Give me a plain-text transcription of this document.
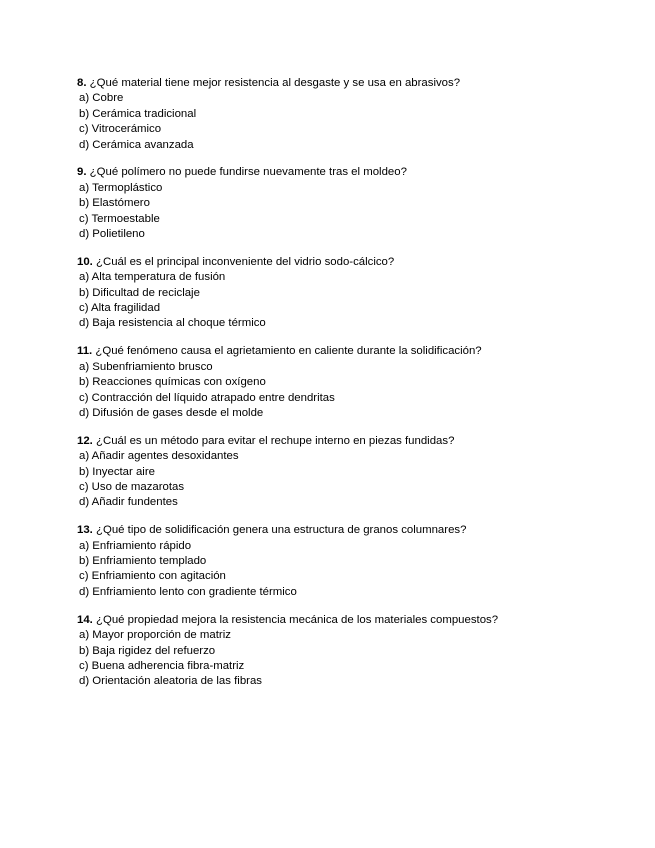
8. ¿Qué material tiene mejor resistencia al desgaste y se usa en abrasivos?
a) Cobre
b) Cerámica tradicional
c) Vitrocerámico
d) Cerámica avanzada
9. ¿Qué polímero no puede fundirse nuevamente tras el moldeo?
a) Termoplástico
b) Elastómero
c) Termoestable
d) Polietileno
10. ¿Cuál es el principal inconveniente del vidrio sodo-cálcico?
a) Alta temperatura de fusión
b) Dificultad de reciclaje
c) Alta fragilidad
d) Baja resistencia al choque térmico
11. ¿Qué fenómeno causa el agrietamiento en caliente durante la solidificación?
a) Subenfriamiento brusco
b) Reacciones químicas con oxígeno
c) Contracción del líquido atrapado entre dendritas
d) Difusión de gases desde el molde
12. ¿Cuál es un método para evitar el rechupe interno en piezas fundidas?
a) Añadir agentes desoxidantes
b) Inyectar aire
c) Uso de mazarotas
d) Añadir fundentes
13. ¿Qué tipo de solidificación genera una estructura de granos columnares?
a) Enfriamiento rápido
b) Enfriamiento templado
c) Enfriamiento con agitación
d) Enfriamiento lento con gradiente térmico
14. ¿Qué propiedad mejora la resistencia mecánica de los materiales compuestos?
a) Mayor proporción de matriz
b) Baja rigidez del refuerzo
c) Buena adherencia fibra-matriz
d) Orientación aleatoria de las fibras
